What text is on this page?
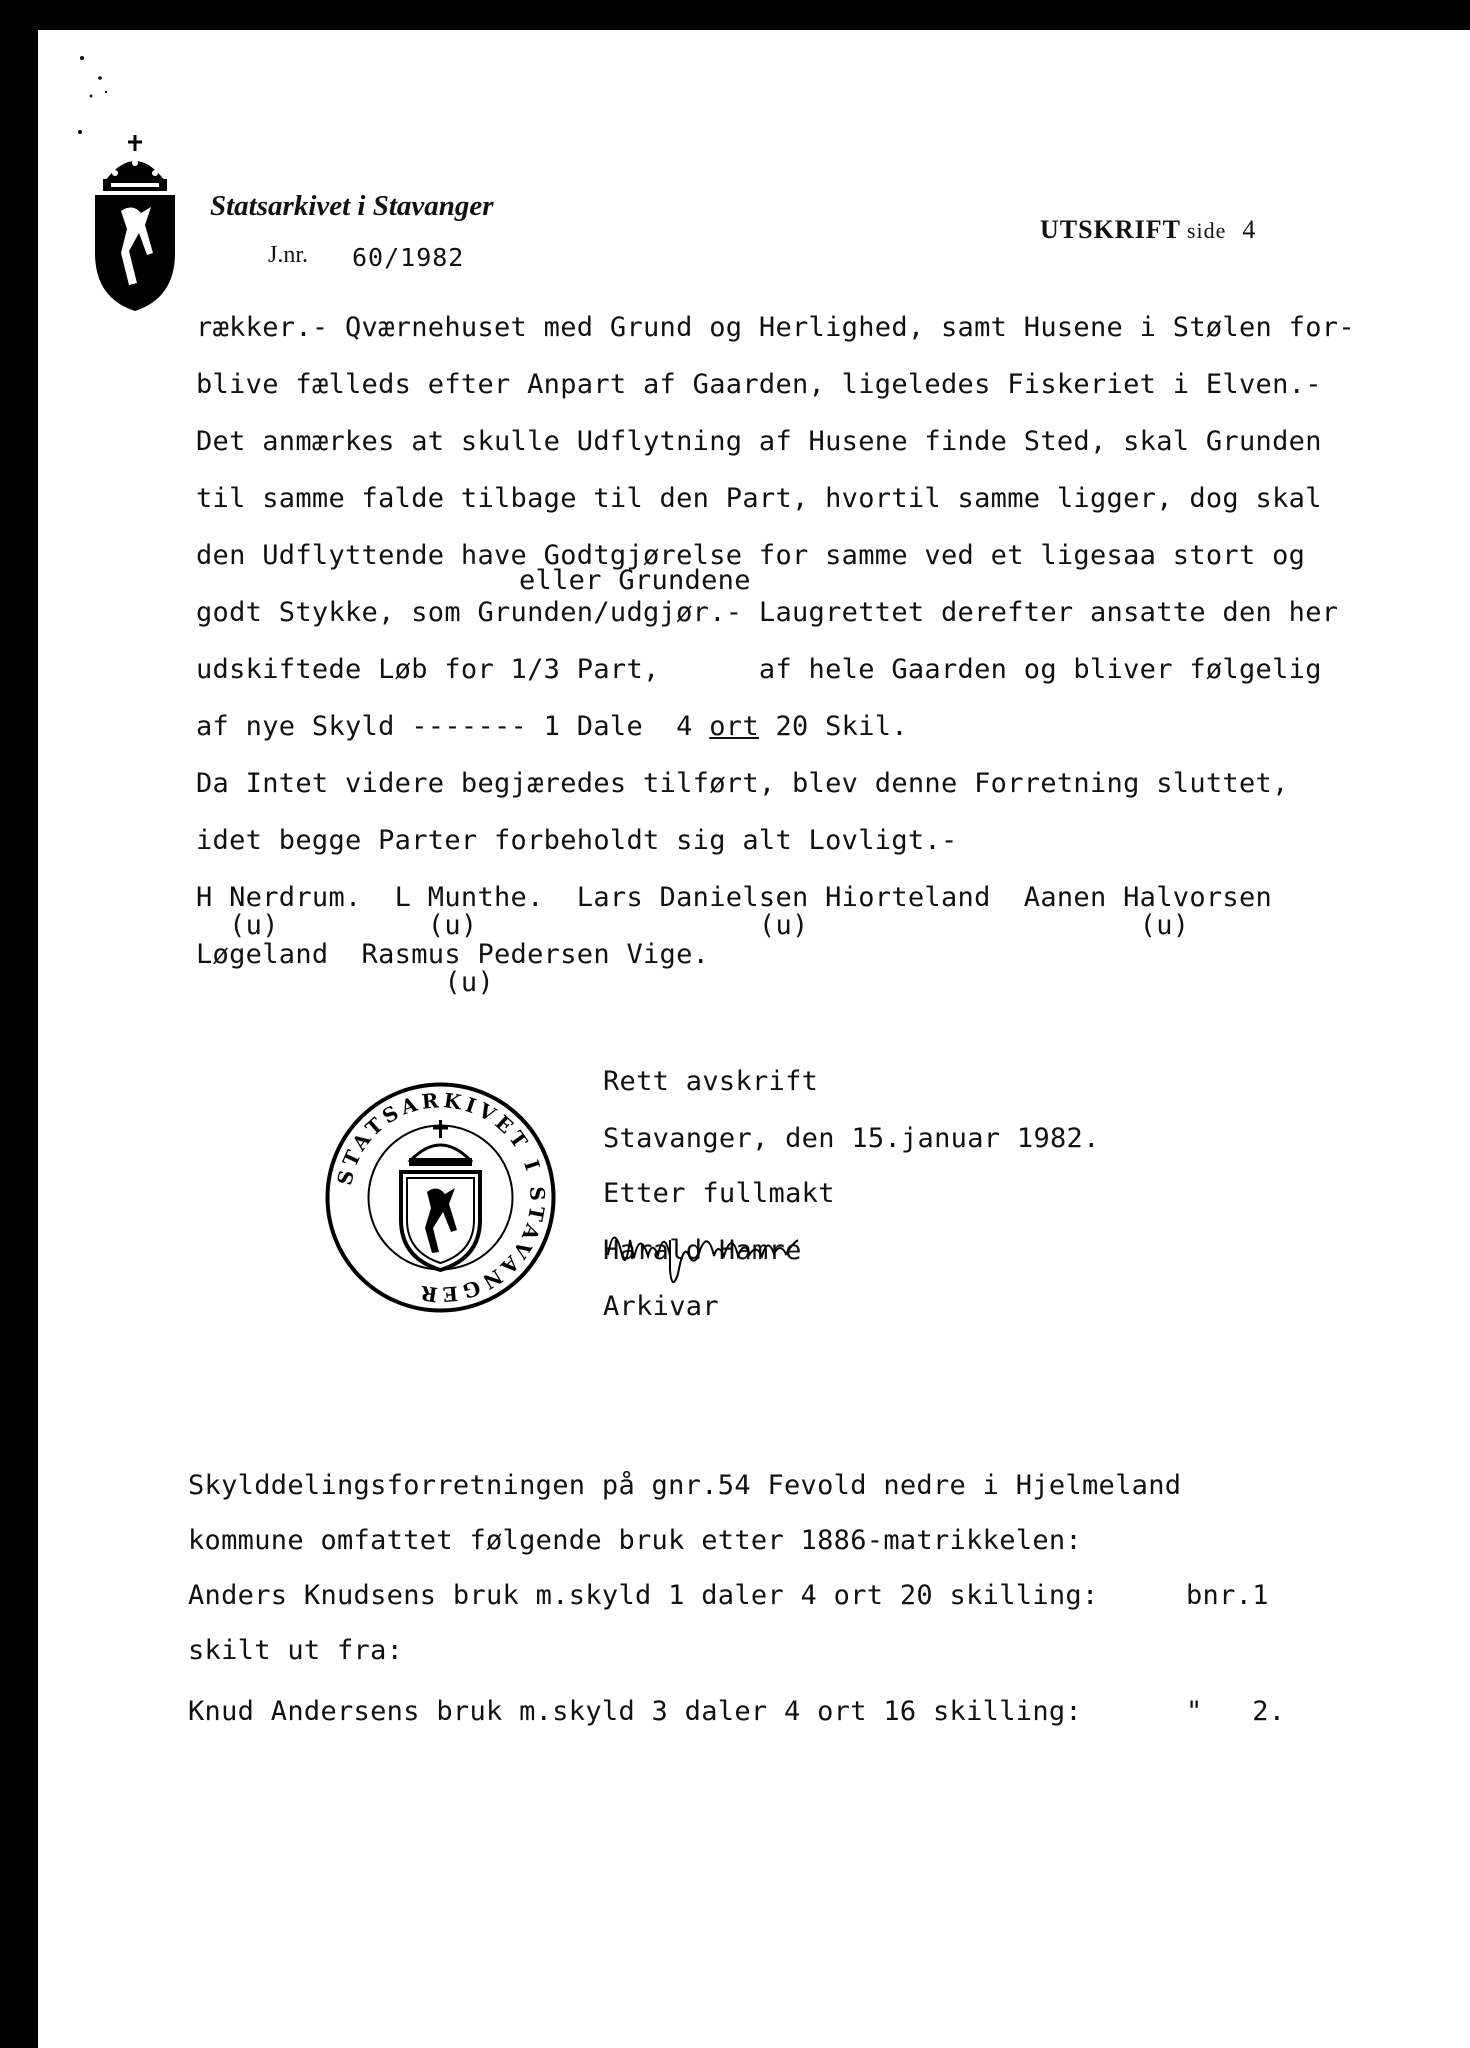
Statsarkivet i Stavanger
J.nr. 60/1982
UTSKRIFT side 4
rækker.- Qværnehuset med Grund og Herlighed, samt Husene i Stølen for-
blive fælleds efter Anpart af Gaarden, ligeledes Fiskeriet i Elven.-
Det anmærkes at skulle Udflytning af Husene finde Sted, skal Grunden
til samme falde tilbage til den Part, hvortil samme ligger, dog skal
den Udflyttende have Godtgjørelse for samme ved et ligesaa stort og
eller Grundene
godt Stykke, som Grunden/udgjør.- Laugrettet derefter ansatte den her
udskiftede Løb for 1/3 Part,      af hele Gaarden og bliver følgelig
af nye Skyld ------- 1 Dale  4 ort 20 Skil.
Da Intet videre begjæredes tilført, blev denne Forretning sluttet,
idet begge Parter forbeholdt sig alt Lovligt.-
H Nerdrum.  L Munthe.  Lars Danielsen Hiorteland  Aanen Halvorsen
(u)         (u)                 (u)                    (u)
Løgeland  Rasmus Pedersen Vige.
(u)
STATSARKIVET I STAVANGER
Rett avskrift
Stavanger, den 15.januar 1982.
Etter fullmakt
Harald Hamre
Arkivar
Skylddelingsforretningen på gnr.54 Fevold nedre i Hjelmeland
kommune omfattet følgende bruk etter 1886-matrikkelen:
Anders Knudsens bruk m.skyld 1 daler 4 ort 20 skilling:	bnr.1
skilt ut fra:
Knud Andersens bruk m.skyld 3 daler 4 ort 16 skilling:	"   2.
